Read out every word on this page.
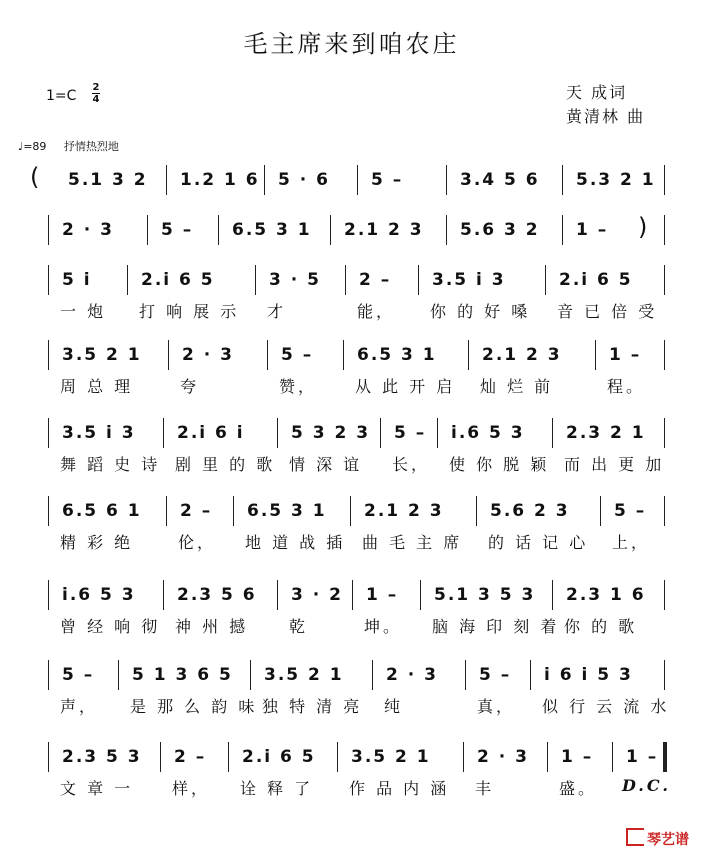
毛主席来到咱农庄
1=C
2
4	天 成词
黄清林 曲
♩=89 抒情热烈地
5.1 3 2 1.2 1 6 5 · 6 5 –	3.4 5 6 5.3 2 1
(
2 · 3	5 – 6.5 3 1 2.1 2 3 5.6 3 2 1 – )
5 i	2.i 6 5	3 · 5 2 – 3.5 i 3	2.i 6 5
一 炮 打 响 展 示 才	能， 你 的 好 嗓 音 已 倍 受
3.5 2 1 2 · 3	5 –	6.5 3 1	2.1 2 3	1 –
周 总 理	夸	赞， 从 此 开 启 灿 烂 前	程。
3.5 i 3 2.i 6 i	5 3 2 3 5 – i.6 5 3 2.3 2 1
舞 蹈 史 诗 剧 里 的 歌 情 深 谊 长， 使 你 脱 颖 而 出 更 加
6.5 6 1 2 – 6.5 3 1 2.1 2 3	5.6 2 3	5 –
精 彩 绝	伦， 地 道 战 插 曲 毛 主 席 的 话 记 心 上，
i.6 5 3 2.3 5 6 3 · 2 1 – 5.1 3 5 3 2.3 1 6
曾 经 响 彻 神 州 撼	乾	坤。 脑 海 印 刻 着 你 的 歌
5 – 5 1 3 6 5 3.5 2 1 2 · 3 5 – i 6 i 5 3
声， 是 那 么 韵 味 独 特 清 亮 纯	真， 似 行 云 流 水
2.3 5 3 2 – 2.i 6 5 3.5 2 1	2 · 3 1 – 1 –
文 章 一 样， 诠 释 了 作 品 内 涵 丰	盛。 D.C.
琴艺谱
